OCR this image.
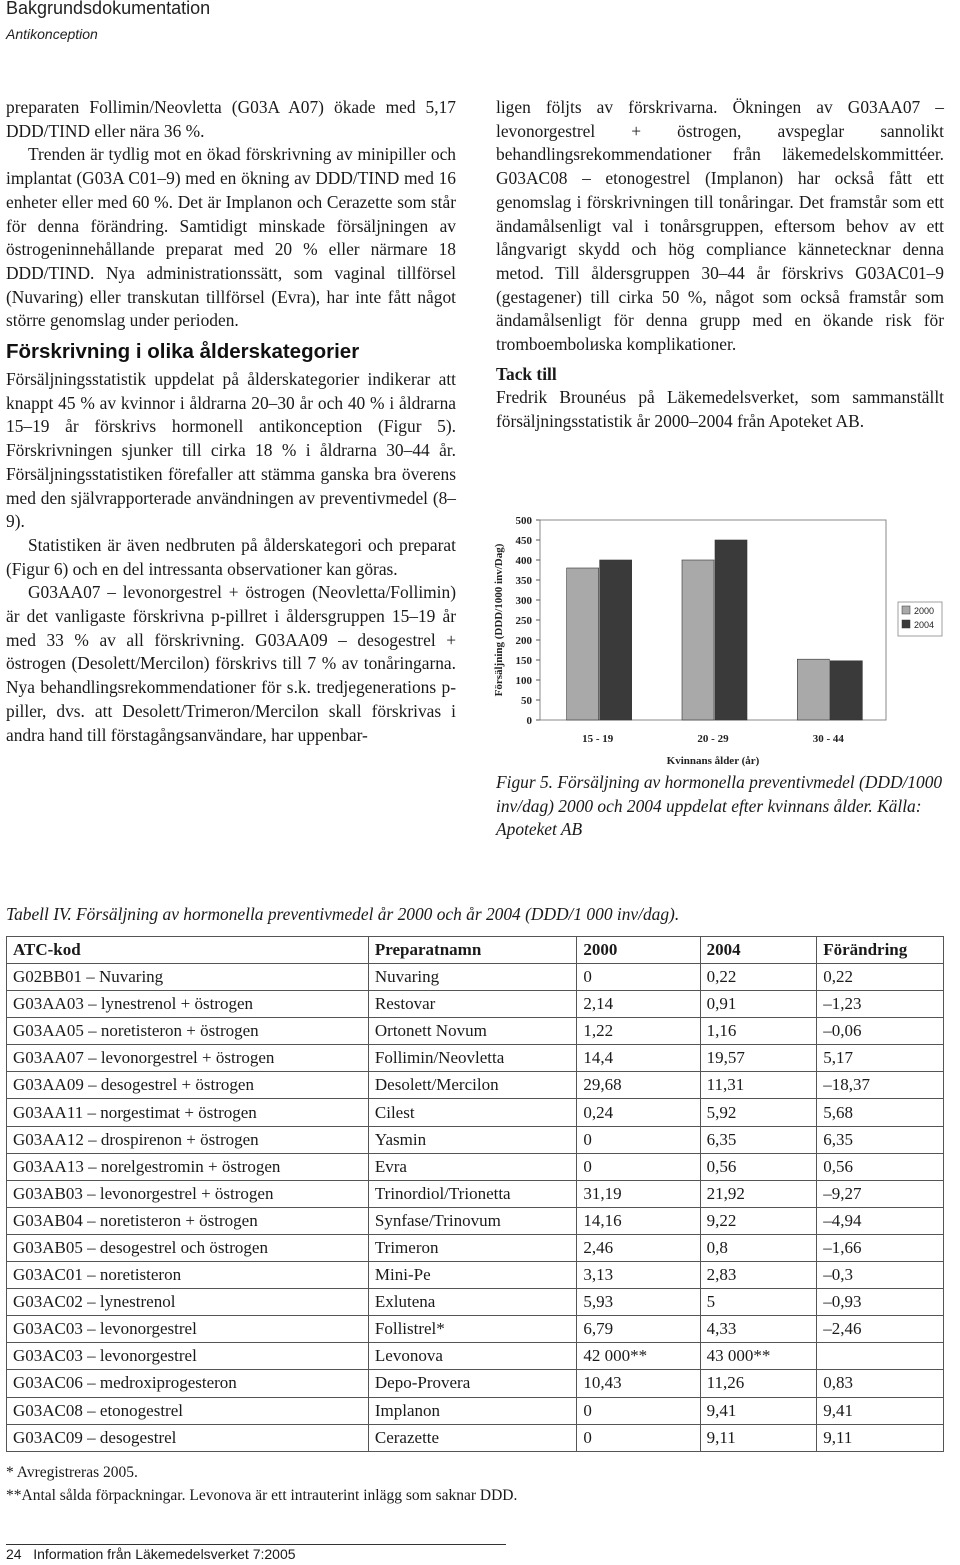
Bakgrundsdokumentation
Antikonception

preparaten Follimin/Neovletta (G03A A07) ökade med 5,17 DDD/TIND eller nära 36 %.

Trenden är tydlig mot en ökad förskrivning av minipiller och implantat (G03A C01–9) med en ökning av DDD/TIND med 16 enheter eller med 60 %. Det är Implanon och Cerazette som står för denna förändring. Samtidigt minskade försäljningen av östrogeninnehållande preparat med 20 % eller närmare 18 DDD/TIND. Nya administrationssätt, som vaginal tillförsel (Nuvaring) eller transkutan tillförsel (Evra), har inte fått något större genomslag under perioden.

Förskrivning i olika ålderskategorier

Försäljningsstatistik uppdelat på ålderskategorier indikerar att knappt 45 % av kvinnor i åldrarna 20–30 år och 40 % i åldrarna 15–19 år förskrivs hormonell antikonception (Figur 5). Förskrivningen sjunker till cirka 18 % i åldrarna 30–44 år. Försäljningsstatistiken förefaller att stämma ganska bra överens med den självrapporterade användningen av preventivmedel (8–9).

Statistiken är även nedbruten på ålderskategori och preparat (Figur 6) och en del intressanta observationer kan göras.

G03AA07 – levonorgestrel + östrogen (Neovletta/Follimin) är det vanligaste förskrivna p-pillret i åldersgruppen 15–19 år med 33 % av all förskrivning. G03AA09 – desogestrel + östrogen (Desolett/Mercilon) förskrivs till 7 % av tonåringarna. Nya behandlingsrekommendationer för s.k. tredjegenerations p-piller, dvs. att Desolett/Trimeron/Mercilon skall förskrivas i andra hand till förstagångsanvändare, har uppenbar-

ligen följts av förskrivarna. Ökningen av G03AA07 – levonorgestrel + östrogen, avspeglar sannolikt behandlingsrekommendationer från läkemedelskommittéer. G03AC08 – etonogestrel (Implanon) har också fått ett genomslag i förskrivningen till tonåringar. Det framstår som ett ändamålsenligt val i tonårsgruppen, eftersom behov av ett långvarigt skydd och hög compliance kännetecknar denna metod. Till åldersgruppen 30–44 år förskrivs G03AC01–9 (gestagener) till cirka 50 %, något som också framstår som ändamålsenligt för denna grupp med en ökande risk för tromboembolиska komplikationer.

Tack till

Fredrik Brounéus på Läkemedelsverket, som sammanställt försäljningsstatistik år 2000–2004 från Apoteket AB.

0
50
100
150
200
250
300
350
400
450
500
15 - 19	20 - 29	30 - 44
Kvinnans ålder (år)
Försäljning (DDD/1000 inv/Dag)	2000
2004
Figur 5. Försäljning av hormonella preventivmedel (DDD/1000 inv/dag) 2000 och 2004 uppdelat efter kvinnans ålder. Källa: Apoteket AB
Tabell IV. Försäljning av hormonella preventivmedel år 2000 och år 2004 (DDD/1 000 inv/dag).
ATC-kod	Preparatnamn	2000	2004	Förändring
G02BB01 – Nuvaring	Nuvaring	0	0,22	0,22
G03AA03 – lynestrenol + östrogen	Restovar	2,14	0,91	–1,23
G03AA05 – noretisteron + östrogen	Ortonett Novum	1,22	1,16	–0,06
G03AA07 – levonorgestrel + östrogen	Follimin/Neovletta	14,4	19,57	5,17
G03AA09 – desogestrel + östrogen	Desolett/Mercilon	29,68	11,31	–18,37
G03AA11 – norgestimat + östrogen	Cilest	0,24	5,92	5,68
G03AA12 – drospirenon + östrogen	Yasmin	0	6,35	6,35
G03AA13 – norelgestromin + östrogen	Evra	0	0,56	0,56
G03AB03 – levonorgestrel + östrogen	Trinordiol/Trionetta	31,19	21,92	–9,27
G03AB04 – noretisteron + östrogen	Synfase/Trinovum	14,16	9,22	–4,94
G03AB05 – desogestrel och östrogen	Trimeron	2,46	0,8	–1,66
G03AC01 – noretisteron	Mini-Pe	3,13	2,83	–0,3
G03AC02 – lynestrenol	Exlutena	5,93	5	–0,93
G03AC03 – levonorgestrel	Follistrel*	6,79	4,33	–2,46
G03AC03 – levonorgestrel	Levonova	42 000**	43 000**	
G03AC06 – medroxiprogesteron	Depo-Provera	10,43	11,26	0,83
G03AC08 – etonogestrel	Implanon	0	9,41	9,41
G03AC09 – desogestrel	Cerazette	0	9,11	9,11
* Avregistreras 2005.
**Antal sålda förpackningar. Levonova är ett intrauterint inlägg som saknar DDD.
24 Information från Läkemedelsverket 7:2005
